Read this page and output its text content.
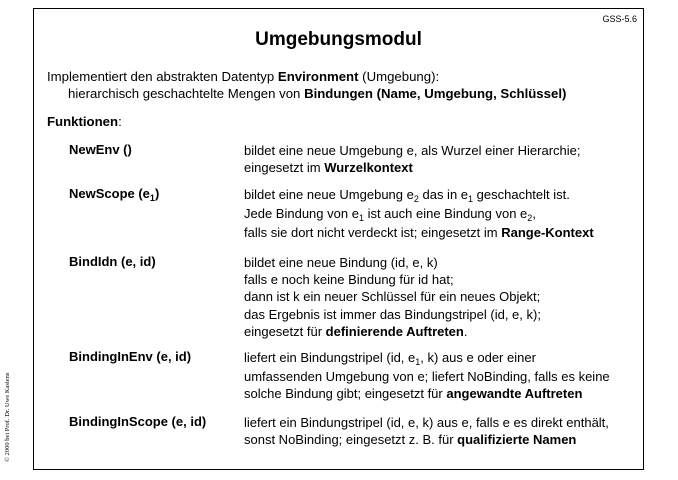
© 2000 bei Prof. Dr. Uwe Kastens
GSS-5.6
Umgebungsmodul
Implementiert den abstrakten Datentyp Environment (Umgebung):
hierarchisch geschachtelte Mengen von Bindungen (Name, Umgebung, Schlüssel)
Funktionen:
NewEnv ()	bildet eine neue Umgebung e, als Wurzel einer Hierarchie;
eingesetzt im Wurzelkontext
NewScope $(e_1)$	bildet eine neue Umgebung $e_2$ das in $e_1$ geschachtelt ist.
Jede Bindung von $e_1$ ist auch eine Bindung von $e_2$,
falls sie dort nicht verdeckt ist; eingesetzt im Range-Kontext
BindIdn (e, id)	bildet eine neue Bindung (id, e, k)
falls e noch keine Bindung für id hat;
dann ist k ein neuer Schlüssel für ein neues Objekt;
das Ergebnis ist immer das Bindungstripel (id, e, k);
eingesetzt für definierende Auftreten.
BindingInEnv (e, id)	liefert ein Bindungstripel (id, $e_1$, k) aus e oder einer
umfassenden Umgebung von e; liefert NoBinding, falls es keine
solche Bindung gibt; eingesetzt für angewandte Auftreten
BindingInScope (e, id)	liefert ein Bindungstripel (id, e, k) aus e, falls e es direkt enthält,
sonst NoBinding; eingesetzt z. B. für qualifizierte Namen
